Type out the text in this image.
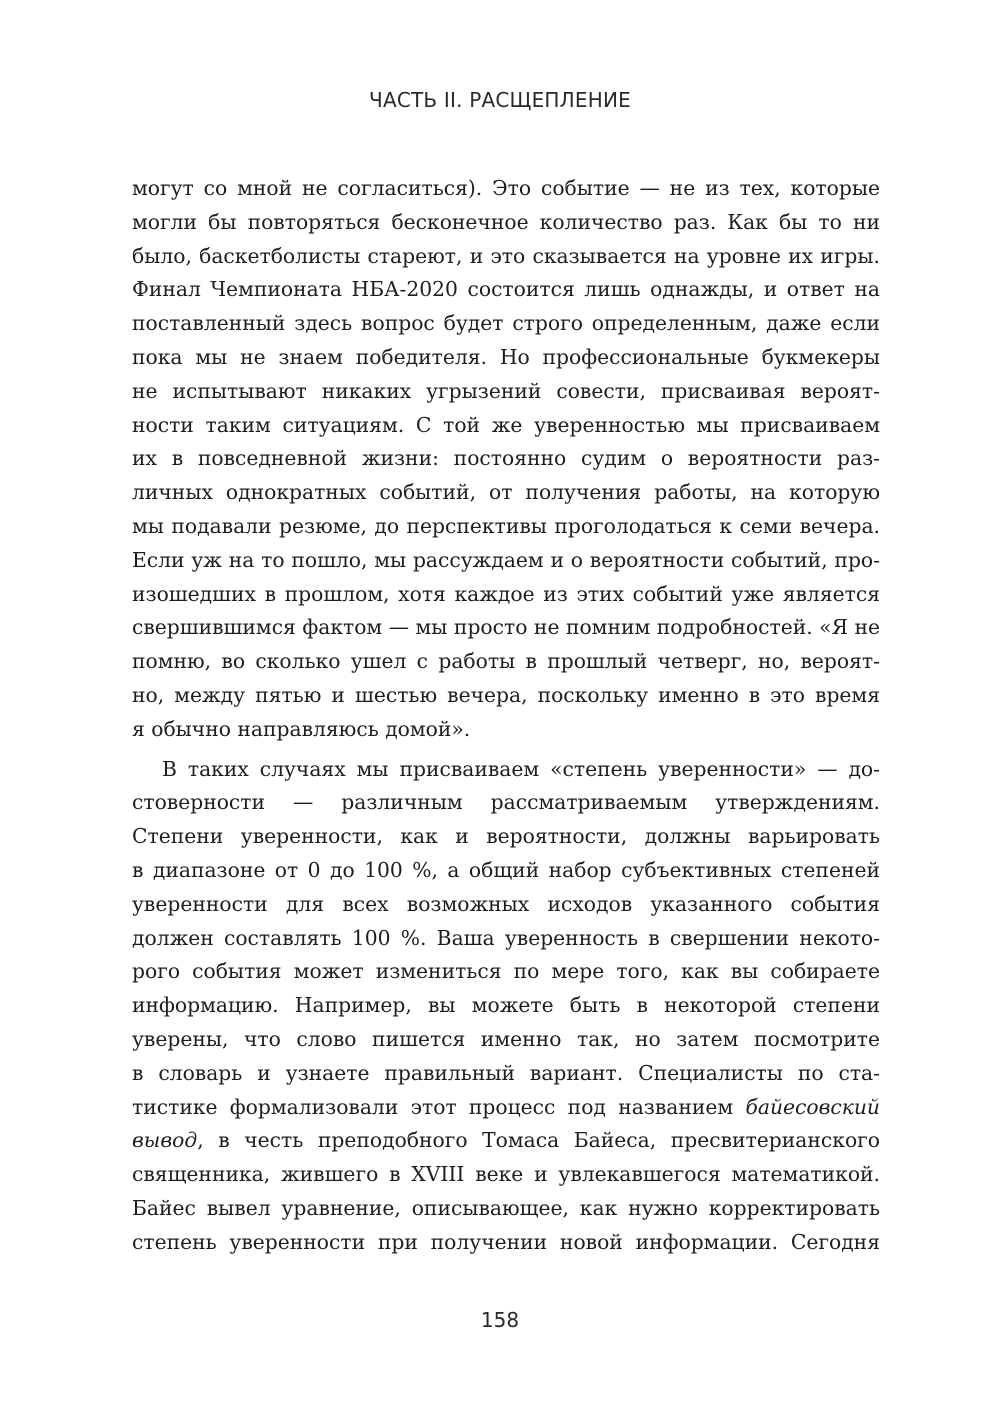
ЧАСТЬ II. РАСЩЕПЛЕНИЕ
могут со мной не согласиться). Это событие — не из тех, которые
могли бы повторяться бесконечное количество раз. Как бы то ни
было, баскетболисты стареют, и это сказывается на уровне их игры.
Финал Чемпионата НБА-2020 состоится лишь однажды, и ответ на
поставленный здесь вопрос будет строго определенным, даже если
пока мы не знаем победителя. Но профессиональные букмекеры
не испытывают никаких угрызений совести, присваивая вероят-
ности таким ситуациям. С той же уверенностью мы присваиваем
их в повседневной жизни: постоянно судим о вероятности раз-
личных однократных событий, от получения работы, на которую
мы подавали резюме, до перспективы проголодаться к семи вечера.
Если уж на то пошло, мы рассуждаем и о вероятности событий, про-
изошедших в прошлом, хотя каждое из этих событий уже является
свершившимся фактом — мы просто не помним подробностей. «Я не
помню, во сколько ушел с работы в прошлый четверг, но, вероят-
но, между пятью и шестью вечера, поскольку именно в это время
я обычно направляюсь домой».
В таких случаях мы присваиваем «степень уверенности» — до-
стоверности — различным рассматриваемым утверждениям.
Степени уверенности, как и вероятности, должны варьировать
в диапазоне от 0 до 100 %, а общий набор субъективных степеней
уверенности для всех возможных исходов указанного события
должен составлять 100 %. Ваша уверенность в свершении некото-
рого события может измениться по мере того, как вы собираете
информацию. Например, вы можете быть в некоторой степени
уверены, что слово пишется именно так, но затем посмотрите
в словарь и узнаете правильный вариант. Специалисты по ста-
тистике формализовали этот процесс под названием байесовский
вывод, в честь преподобного Томаса Байеса, пресвитерианского
священника, жившего в XVIII веке и увлекавшегося математикой.
Байес вывел уравнение, описывающее, как нужно корректировать
степень уверенности при получении новой информации. Сегодня
158
